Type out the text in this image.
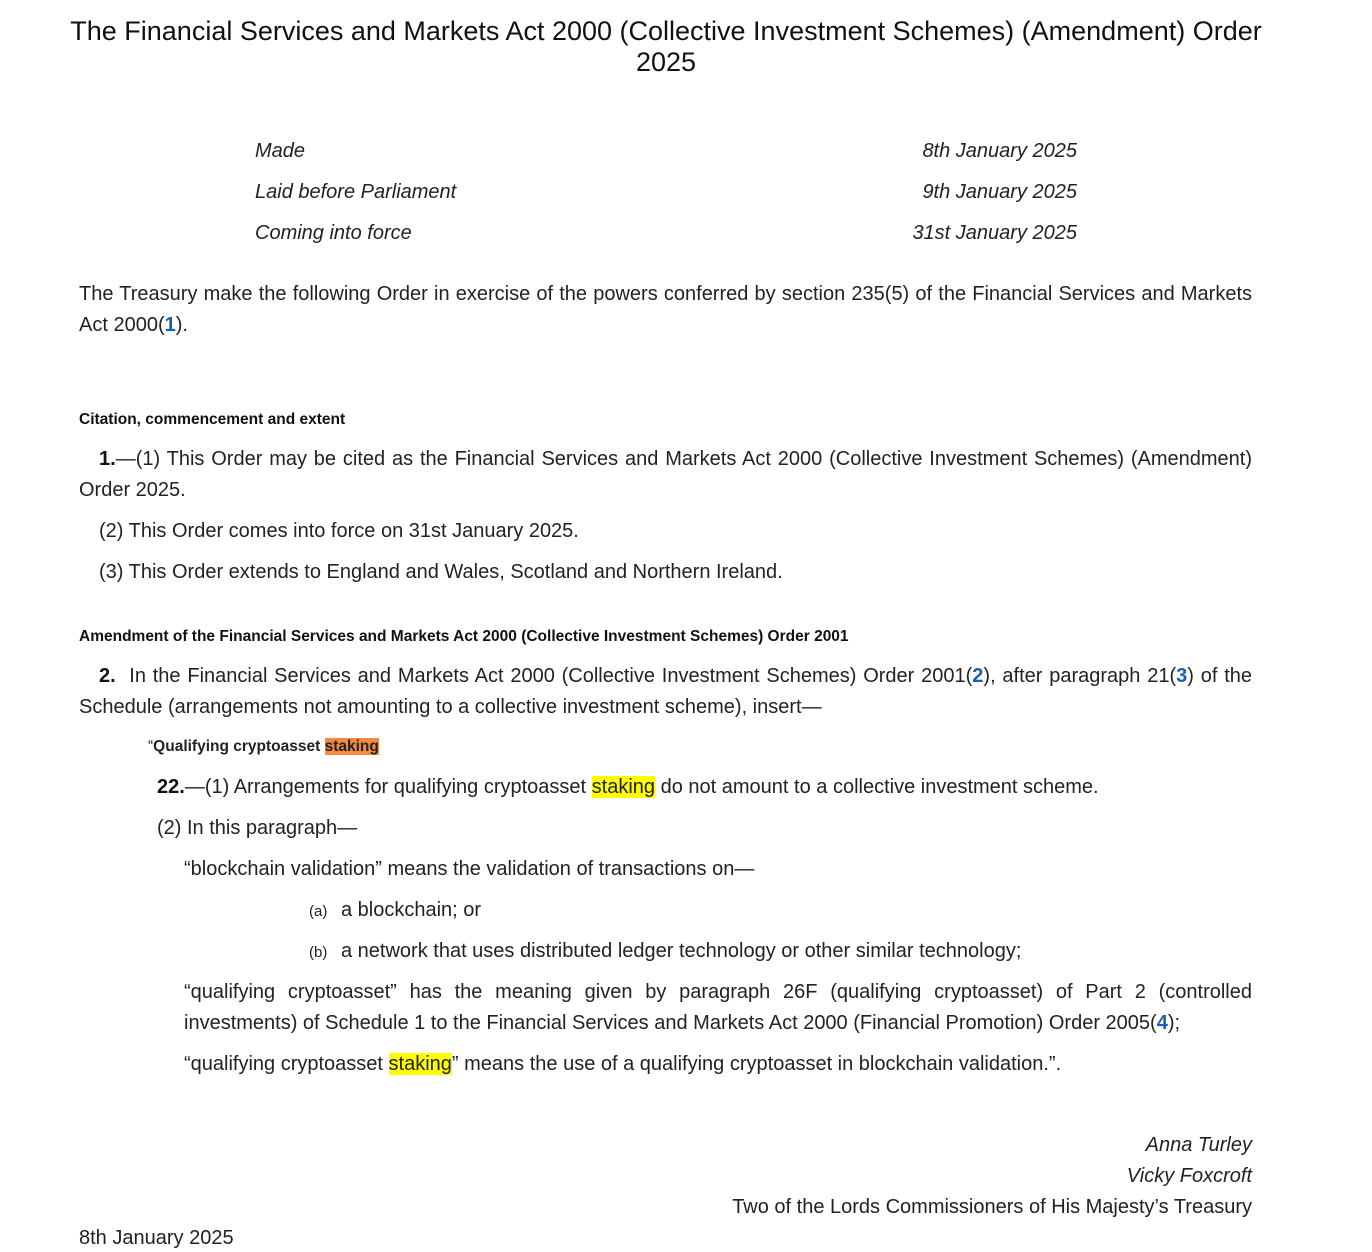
The Financial Services and Markets Act 2000 (Collective Investment Schemes) (Amendment) Order 2025
Made	8th January 2025
Laid before Parliament	9th January 2025
Coming into force	31st January 2025

The Treasury make the following Order in exercise of the powers conferred by section 235(5) of the Financial Services and Markets Act 2000(1).

Citation, commencement and extent

1.—(1) This Order may be cited as the Financial Services and Markets Act 2000 (Collective Investment Schemes) (Amendment) Order 2025.

(2) This Order comes into force on 31st January 2025.

(3) This Order extends to England and Wales, Scotland and Northern Ireland.

Amendment of the Financial Services and Markets Act 2000 (Collective Investment Schemes) Order 2001

2. In the Financial Services and Markets Act 2000 (Collective Investment Schemes) Order 2001(2), after paragraph 21(3) of the Schedule (arrangements not amounting to a collective investment scheme), insert—

“Qualifying cryptoasset staking
22.—(1) Arrangements for qualifying cryptoasset staking do not amount to a collective investment scheme.
(2) In this paragraph—
“blockchain validation” means the validation of transactions on—
(a) a blockchain; or
(b) a network that uses distributed ledger technology or other similar technology;

“qualifying cryptoasset” has the meaning given by paragraph 26F (qualifying cryptoasset) of Part 2 (controlled investments) of Schedule 1 to the Financial Services and Markets Act 2000 (Financial Promotion) Order 2005(4);

“qualifying cryptoasset staking” means the use of a qualifying cryptoasset in blockchain validation.”.
Anna Turley
Vicky Foxcroft
Two of the Lords Commissioners of His Majesty’s Treasury
8th January 2025
